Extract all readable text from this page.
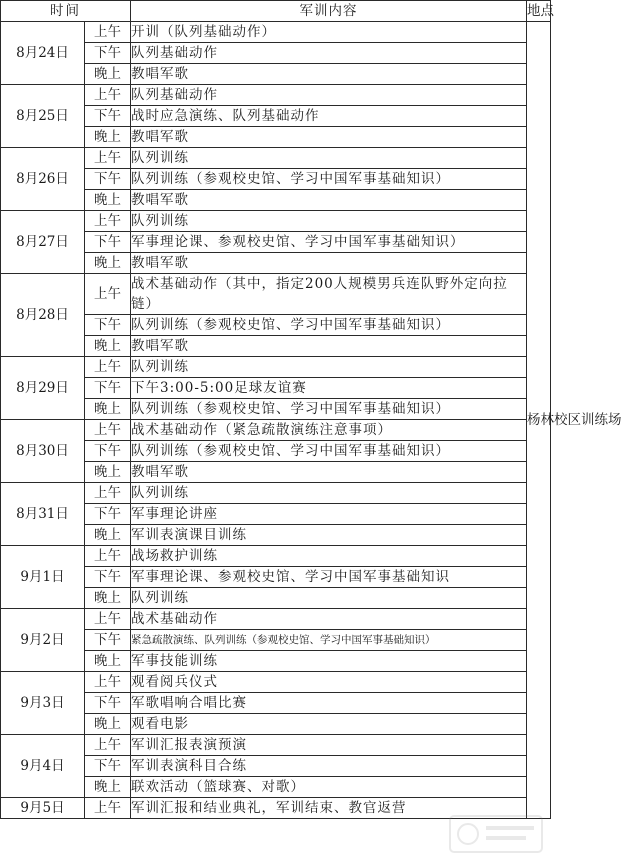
时间		军训内容	地点
8月24日	上午	开训（队列基础动作）	杨林校区训练场
	下午	队列基础动作	
	晚上	教唱军歌	
8月25日	上午	队列基础动作	
	下午	战时应急演练、队列基础动作	
	晚上	教唱军歌	
8月26日	上午	队列训练	
	下午	队列训练（参观校史馆、学习中国军事基础知识）	
	晚上	教唱军歌	
8月27日	上午	队列训练	
	下午	军事理论课、参观校史馆、学习中国军事基础知识）	
	晚上	教唱军歌	
8月28日	上午	战术基础动作（其中，指定200人规模男兵连队野外定向拉链）	
	下午	队列训练（参观校史馆、学习中国军事基础知识）	
	晚上	教唱军歌	
8月29日	上午	队列训练	
	下午	下午3:00-5:00足球友谊赛	
	晚上	队列训练（参观校史馆、学习中国军事基础知识）	
8月30日	上午	战术基础动作（紧急疏散演练注意事项）	
	下午	队列训练（参观校史馆、学习中国军事基础知识）	
	晚上	教唱军歌	
8月31日	上午	队列训练	
	下午	军事理论讲座	
	晚上	军训表演课目训练	
9月1日	上午	战场救护训练	
	下午	军事理论课、参观校史馆、学习中国军事基础知识	
	晚上	队列训练	
9月2日	上午	战术基础动作	
	下午	紧急疏散演练、队列训练（参观校史馆、学习中国军事基础知识）	
	晚上	军事技能训练	
9月3日	上午	观看阅兵仪式	
	下午	军歌唱响合唱比赛	
	晚上	观看电影	
9月4日	上午	军训汇报表演预演	
	下午	军训表演科目合练	
	晚上	联欢活动（篮球赛、对歌）	
9月5日	上午	军训汇报和结业典礼，军训结束、教官返营	
